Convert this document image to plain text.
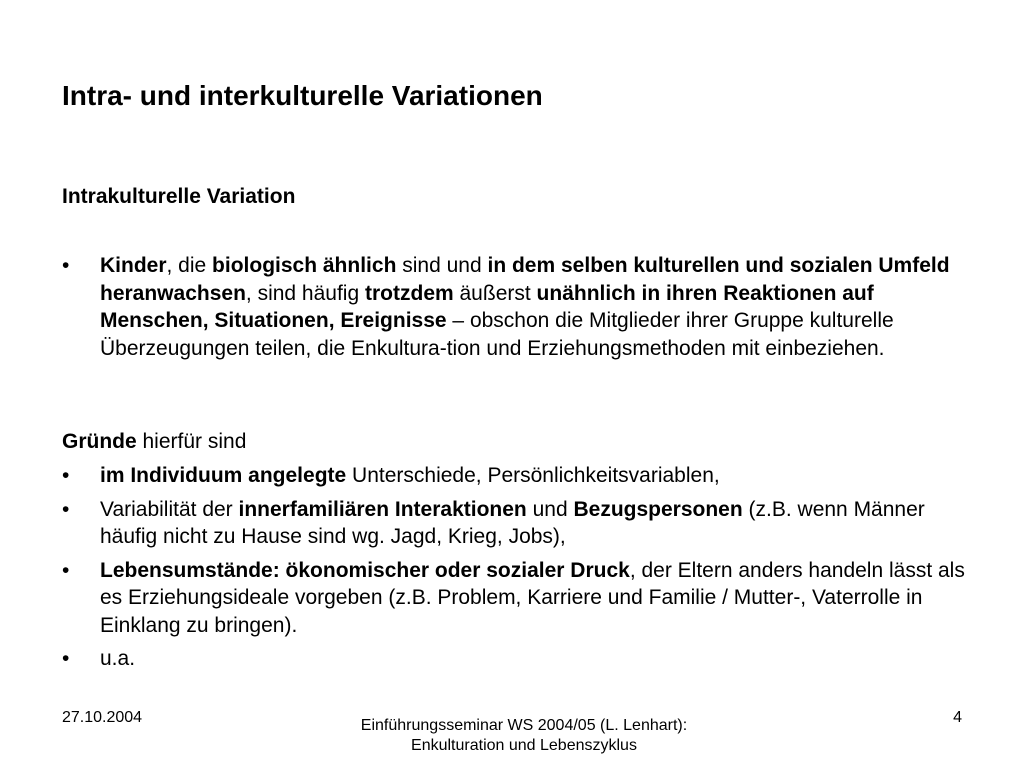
Intra- und interkulturelle Variationen
Intrakulturelle Variation
• Kinder, die biologisch ähnlich sind und in dem selben kulturellen und sozialen Umfeld heranwachsen, sind häufig trotzdem äußerst unähnlich in ihren Reaktionen auf Menschen, Situationen, Ereignisse – obschon die Mitglieder ihrer Gruppe kulturelle Überzeugungen teilen, die Enkultura-tion und Erziehungsmethoden mit einbeziehen.

Gründe hierfür sind

• im Individuum angelegte Unterschiede, Persönlichkeitsvariablen,
• Variabilität der innerfamiliären Interaktionen und Bezugspersonen (z.B. wenn Männer häufig nicht zu Hause sind wg. Jagd, Krieg, Jobs),
• Lebensumstände: ökonomischer oder sozialer Druck, der Eltern anders handeln lässt als es Erziehungsideale vorgeben (z.B. Problem, Karriere und Familie / Mutter-, Vaterrolle in Einklang zu bringen).
• u.a.
27.10.2004	Einführungsseminar WS 2004/05 (L. Lenhart):
Enkulturation und Lebenszyklus
4
